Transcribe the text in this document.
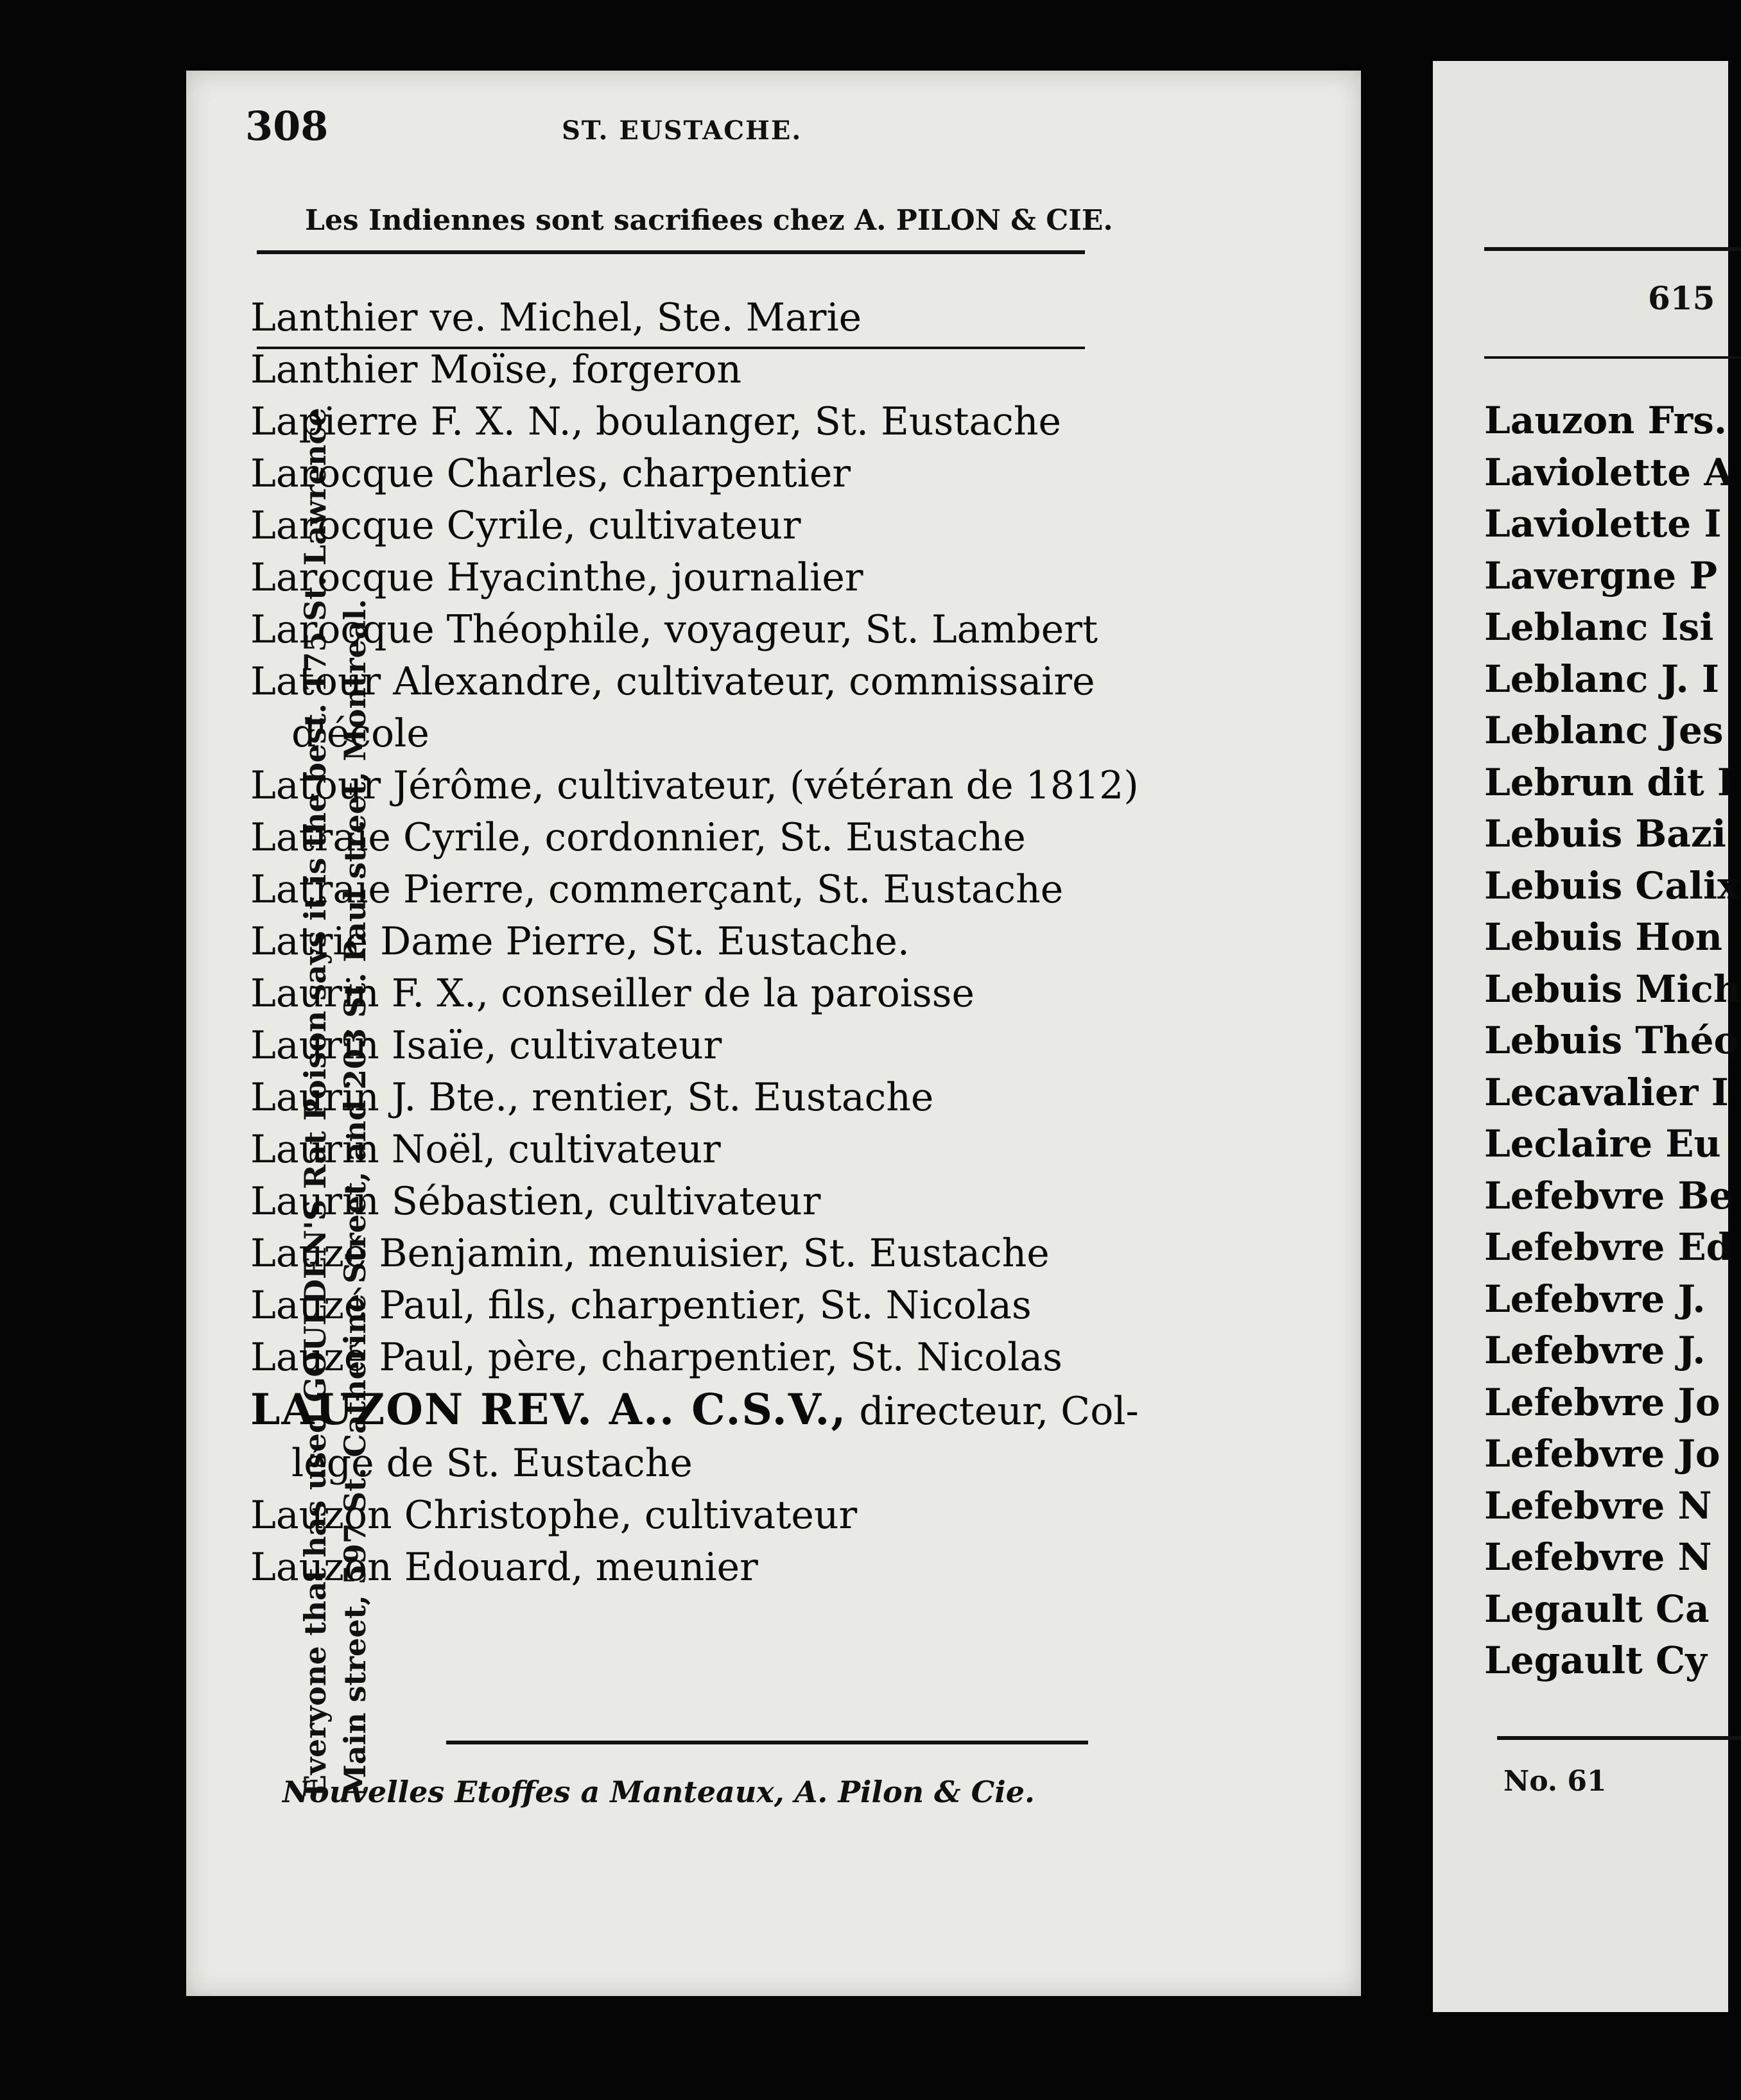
308	ST. EUSTACHE.
Les Indiennes sont sacrifiees chez A. PILON & CIE.
Everyone that has used GOULDEN'S Rat Poison says it is the best. 175 St. Lawrence Main street, 597 St. Catherine Street, and 203 St. Paul street, Montreal.
Lanthier ve. Michel, Ste. Marie
Lanthier Moïse, forgeron
Lapierre F. X. N., boulanger, St. Eustache
Larocque Charles, charpentier
Larocque Cyrile, cultivateur
Larocque Hyacinthe, journalier
Larocque Théophile, voyageur, St. Lambert
Latour Alexandre, cultivateur, commissaire
d'école
Latour Jérôme, cultivateur, (vétéran de 1812)
Latraie Cyrile, cordonnier, St. Eustache
Latraie Pierre, commerçant, St. Eustache
Latrie Dame Pierre, St. Eustache.
Laurin F. X., conseiller de la paroisse
Laurin Isaïe, cultivateur
Laurin J. Bte., rentier, St. Eustache
Laurin Noël, cultivateur
Laurin Sébastien, cultivateur
Lauzé Benjamin, menuisier, St. Eustache
Lauzé Paul, fils, charpentier, St. Nicolas
Lauzé Paul, père, charpentier, St. Nicolas
LAUZON REV. A.. C.S.V., directeur, Col-
lége de St. Eustache
Lauzon Christophe, cultivateur
Lauzon Edouard, meunier
Nouvelles Etoffes a Manteaux, A. Pilon & Cie.
615
Lauzon Frs.
Laviolette A
Laviolette I
Lavergne P
Leblanc Isi
Leblanc J. I
Leblanc Jes
Lebrun dit I
Lebuis Bazi
Lebuis Calix
Lebuis Hon
Lebuis Mich
Lebuis Théo
Lecavalier I
Leclaire Eu
Lefebvre Be
Lefebvre Ed
Lefebvre J.
Lefebvre J.
Lefebvre Jo
Lefebvre Jo
Lefebvre N
Lefebvre N
Legault Ca
Legault Cy
No. 61
